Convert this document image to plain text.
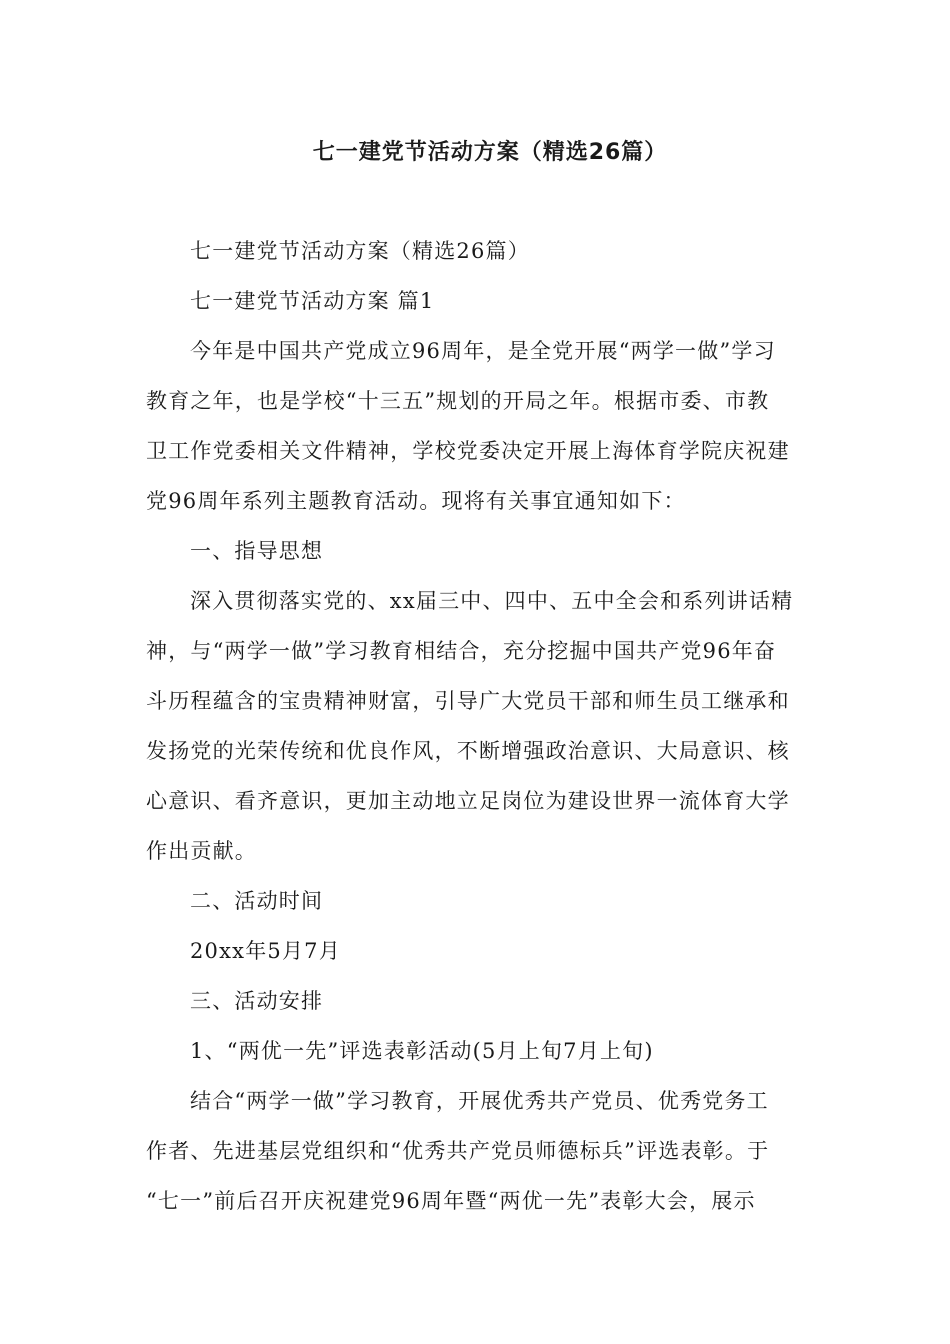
七一建党节活动方案（精选26篇）
七一建党节活动方案（精选26篇）
七一建党节活动方案 篇1
今年是中国共产党成立96周年，是全党开展“两学一做”学习
教育之年，也是学校“十三五”规划的开局之年。根据市委、市教
卫工作党委相关文件精神，学校党委决定开展上海体育学院庆祝建
党96周年系列主题教育活动。现将有关事宜通知如下：
一、指导思想
深入贯彻落实党的、xx届三中、四中、五中全会和系列讲话精
神，与“两学一做”学习教育相结合，充分挖掘中国共产党96年奋
斗历程蕴含的宝贵精神财富，引导广大党员干部和师生员工继承和
发扬党的光荣传统和优良作风，不断增强政治意识、大局意识、核
心意识、看齐意识，更加主动地立足岗位为建设世界一流体育大学
作出贡献。
二、活动时间
20xx年5月7月
三、活动安排
1、“两优一先”评选表彰活动(5月上旬7月上旬)
结合“两学一做”学习教育，开展优秀共产党员、优秀党务工
作者、先进基层党组织和“优秀共产党员师德标兵”评选表彰。于
“七一”前后召开庆祝建党96周年暨“两优一先”表彰大会，展示
